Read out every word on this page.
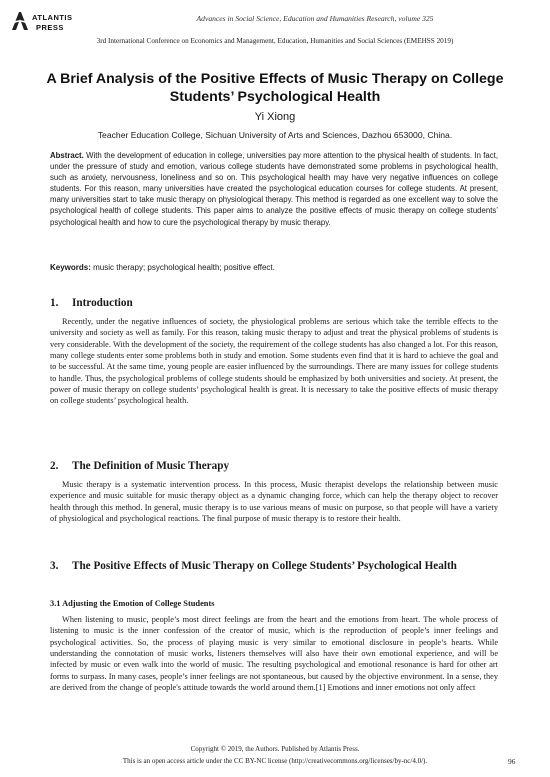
ATLANTIS
PRESS
Advances in Social Science, Education and Humanities Research, volume 325
3rd International Conference on Economics and Management, Education, Humanities and Social Sciences (EMEHSS 2019)
A Brief Analysis of the Positive Effects of Music Therapy on College Students’ Psychological Health
Yi Xiong
Teacher Education College, Sichuan University of Arts and Sciences, Dazhou 653000, China.
Abstract. With the development of education in college, universities pay more attention to the physical health of students. In fact, under the pressure of study and emotion, various college students have demonstrated some problems in psychological health, such as anxiety, nervousness, loneliness and so on. This psychological health may have very negative influences on college students. For this reason, many universities have created the psychological education courses for college students. At present, many universities start to take music therapy on physiological therapy. This method is regarded as one excellent way to solve the psychological health of college students. This paper aims to analyze the positive effects of music therapy on college students’ psychological health and how to cure the psychological therapy by music therapy.
Keywords: music therapy; psychological health; positive effect.
1. Introduction
Recently, under the negative influences of society, the physiological problems are serious which take the terrible effects to the university and society as well as family. For this reason, taking music therapy to adjust and treat the physical problems of students is very considerable. With the development of the society, the requirement of the college students has also changed a lot. For this reason, many college students enter some problems both in study and emotion. Some students even find that it is hard to achieve the goal and to be successful. At the same time, young people are easier influenced by the surroundings. There are many issues for college students to handle. Thus, the psychological problems of college students should be emphasized by both universities and society. At present, the power of music therapy on college students’ psychological health is great. It is necessary to take the positive effects of music therapy on college students’ psychological health.
2. The Definition of Music Therapy
Music therapy is a systematic intervention process. In this process, Music therapist develops the relationship between music experience and music suitable for music therapy object as a dynamic changing force, which can help the therapy object to recover health through this method. In general, music therapy is to use various means of music on purpose, so that people will have a variety of physiological and psychological reactions. The final purpose of music therapy is to restore their health.
3. The Positive Effects of Music Therapy on College Students’ Psychological Health
3.1 Adjusting the Emotion of College Students
When listening to music, people’s most direct feelings are from the heart and the emotions from heart. The whole process of listening to music is the inner confession of the creator of music, which is the reproduction of people’s inner feelings and psychological activities. So, the process of playing music is very similar to emotional disclosure in people’s hearts. While understanding the connotation of music works, listeners themselves will also have their own emotional experience, and will be infected by music or even walk into the world of music. The resulting psychological and emotional resonance is hard for other art forms to surpass. In many cases, people’s inner feelings are not spontaneous, but caused by the objective environment. In a sense, they are derived from the change of people's attitude towards the world around them.[1] Emotions and inner emotions not only affect
Copyright © 2019, the Authors. Published by Atlantis Press.
This is an open access article under the CC BY-NC license (http://creativecommons.org/licenses/by-nc/4.0/).	96
